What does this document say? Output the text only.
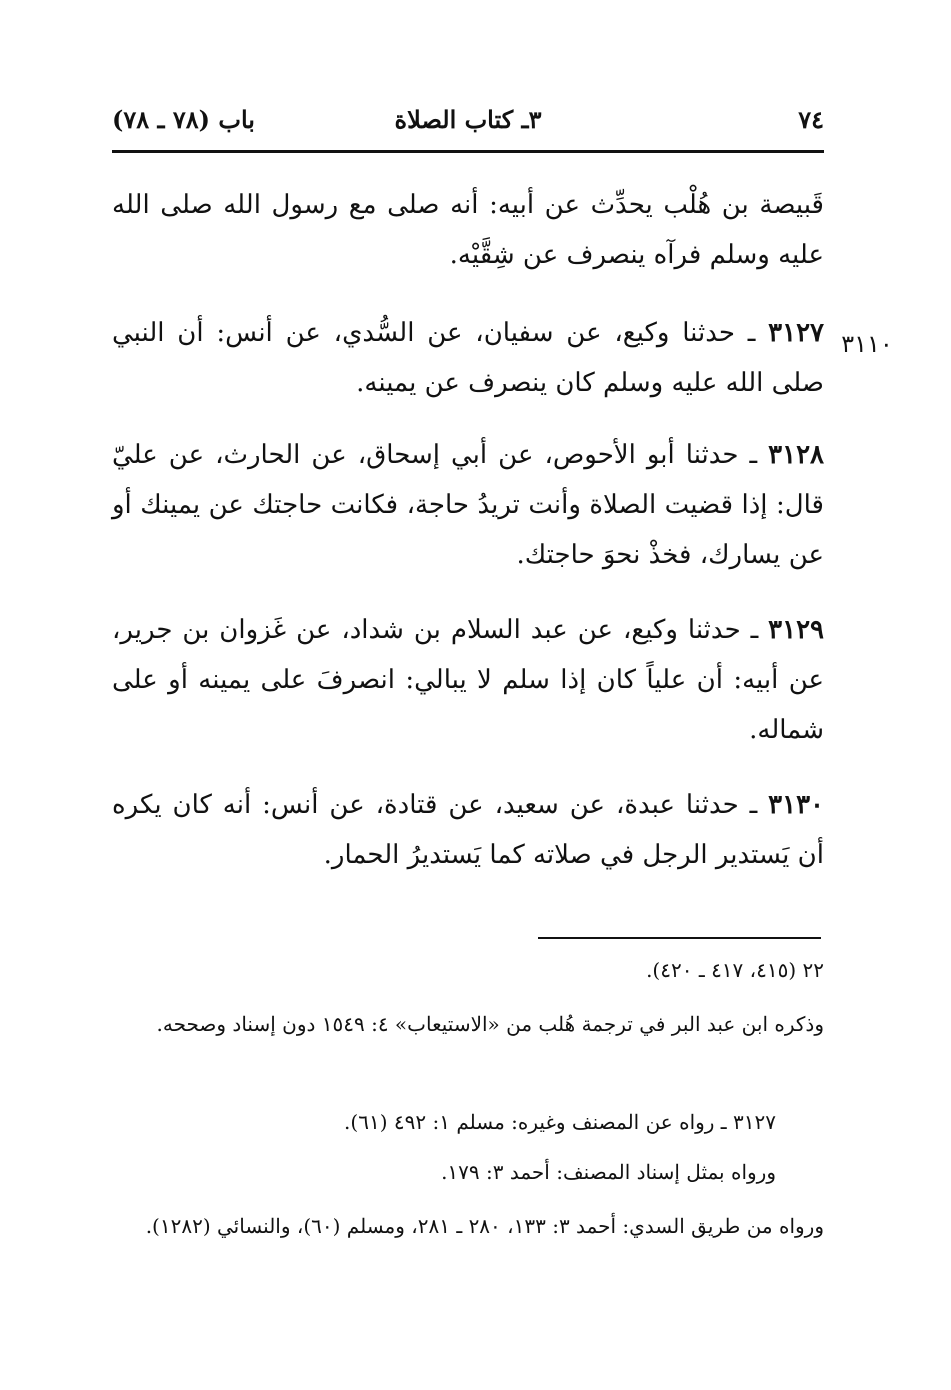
٧٤
٣ـ كتاب الصلاة
باب (٧٨ ـ ٧٨)
٣١١٠
قَبيصة بن هُلْب يحدِّث عن أبيه: أنه صلى مع رسول الله صلى الله عليه وسلم فرآه ينصرف عن شِقَّيْه.
٣١٢٧ ـ حدثنا وكيع، عن سفيان، عن السُّدي، عن أنس: أن النبي صلى الله عليه وسلم كان ينصرف عن يمينه.
٣١٢٨ ـ حدثنا أبو الأحوص، عن أبي إسحاق، عن الحارث، عن عليّ قال: إذا قضيت الصلاة وأنت تريدُ حاجة، فكانت حاجتك عن يمينك أو عن يسارك، فخذْ نحوَ حاجتك.
٣١٢٩ ـ حدثنا وكيع، عن عبد السلام بن شداد، عن غَزوان بن جرير، عن أبيه: أن علياً كان إذا سلم لا يبالي: انصرفَ على يمينه أو على شماله.
٣١٣٠ ـ حدثنا عبدة، عن سعيد، عن قتادة، عن أنس: أنه كان يكره أن يَستدير الرجل في صلاته كما يَستديرُ الحمار.
٢٢ (٤١٥، ٤١٧ ـ ٤٢٠).
وذكره ابن عبد البر في ترجمة هُلب من «الاستيعاب» ٤: ١٥٤٩ دون إسناد وصححه.
٣١٢٧ ـ رواه عن المصنف وغيره: مسلم ١: ٤٩٢ (٦١).
ورواه بمثل إسناد المصنف: أحمد ٣: ١٧٩.
ورواه من طريق السدي: أحمد ٣: ١٣٣، ٢٨٠ ـ ٢٨١، ومسلم (٦٠)، والنسائي (١٢٨٢).
